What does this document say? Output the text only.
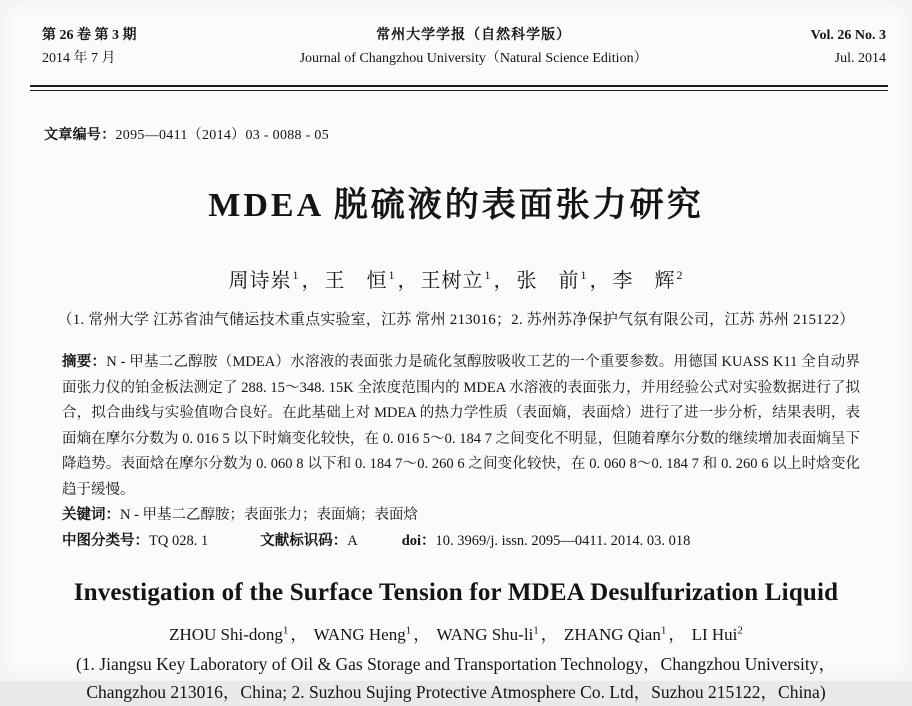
第 26 卷 第 3 期
2014 年 7 月
常州大学学报（自然科学版）
Journal of Changzhou University（Natural Science Edition）
Vol. 26 No. 3
Jul. 2014
文章编号：2095—0411（2014）03 - 0088 - 05
MDEA 脱硫液的表面张力研究
周诗岽$^1$ ， 王　恒$^1$ ， 王树立$^1$ ， 张　前$^1$ ， 李　辉$^2$
（1. 常州大学 江苏省油气储运技术重点实验室，江苏 常州 213016；2. 苏州苏净保护气氛有限公司，江苏 苏州 215122）
摘要：N - 甲基二乙醇胺（MDEA）水溶液的表面张力是硫化氢醇胺吸收工艺的一个重要参数。用德国 KUASS K11 全自动界面张力仪的铂金板法测定了 288. 15～348. 15K 全浓度范围内的 MDEA 水溶液的表面张力，并用经验公式对实验数据进行了拟合，拟合曲线与实验值吻合良好。在此基础上对 MDEA 的热力学性质（表面熵，表面焓）进行了进一步分析，结果表明，表面熵在摩尔分数为 0. 016 5 以下时熵变化较快，在 0. 016 5～0. 184 7 之间变化不明显，但随着摩尔分数的继续增加表面熵呈下降趋势。表面焓在摩尔分数为 0. 060 8 以下和 0. 184 7～0. 260 6 之间变化较快，在 0. 060 8～0. 184 7 和 0. 260 6 以上时焓变化趋于缓慢。
关键词：N - 甲基二乙醇胺；表面张力；表面熵；表面焓
中图分类号：TQ 028. 1	文献标识码：A	doi：10. 3969/j. issn. 2095—0411. 2014. 03. 018
Investigation of the Surface Tension for MDEA Desulfurization Liquid
ZHOU Shi-dong$^1$ ， WANG Heng$^1$ ， WANG Shu-$li^1$ ， ZHANG Qian$^1$ ， LI Hui$^2$
(1. Jiangsu Key Laboratory of Oil & Gas Storage and Transportation Technology，Changzhou University，
Changzhou 213016，China; 2. Suzhou Sujing Protective Atmosphere Co. Ltd，Suzhou 215122，China)
